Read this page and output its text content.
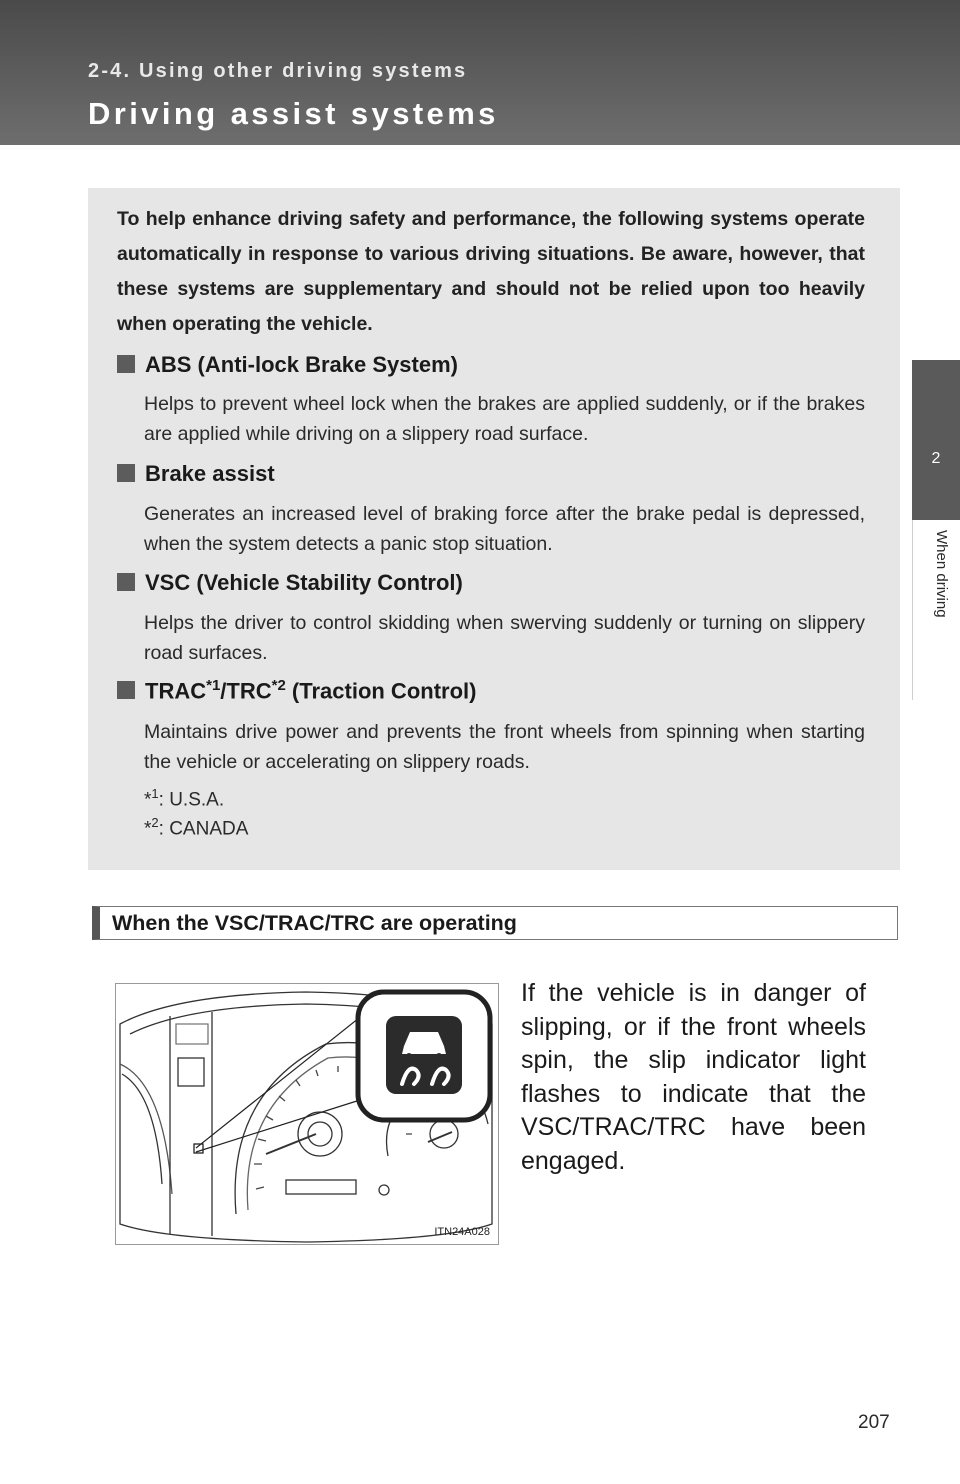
2-4. Using other driving systems
Driving assist systems
2
When driving
To help enhance driving safety and performance, the following systems operate automatically in response to various driving situations. Be aware, however, that these systems are supplementary and should not be relied upon too heavily when operating the vehicle.
ABS (Anti-lock Brake System)
Helps to prevent wheel lock when the brakes are applied suddenly, or if the brakes are applied while driving on a slippery road surface.
Brake assist
Generates an increased level of braking force after the brake pedal is depressed, when the system detects a panic stop situation.
VSC (Vehicle Stability Control)
Helps the driver to control skidding when swerving suddenly or turning on slippery road surfaces.
TRAC$^{*1}$/TRC$^{*2}$ (Traction Control)
Maintains drive power and prevents the front wheels from spinning when starting the vehicle or accelerating on slippery roads.
*$^1$: U.S.A.
*$^2$: CANADA
When the VSC/TRAC/TRC are operating
ITN24A028
If the vehicle is in danger of slipping, or if the front wheels spin, the slip indicator light flashes to indicate that the VSC/TRAC/TRC have been engaged.
207
